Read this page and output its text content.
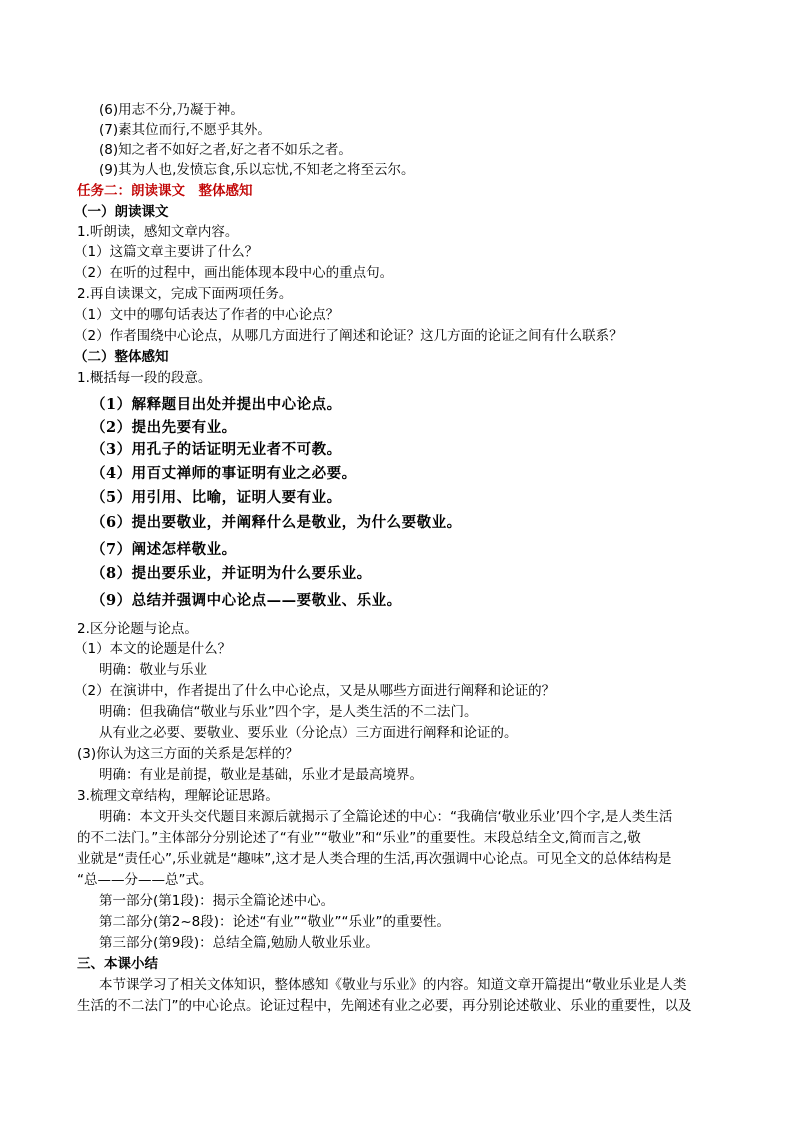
(6)用志不分,乃凝于神。
(7)素其位而行,不愿乎其外。
(8)知之者不如好之者,好之者不如乐之者。
(9)其为人也,发愤忘食,乐以忘忧,不知老之将至云尔。
任务二：朗读课文　整体感知
（一）朗读课文
1.听朗读，感知文章内容。
（1）这篇文章主要讲了什么？
（2）在听的过程中，画出能体现本段中心的重点句。
2.再自读课文，完成下面两项任务。
（1）文中的哪句话表达了作者的中心论点？
（2）作者围绕中心论点，从哪几方面进行了阐述和论证？这几方面的论证之间有什么联系？
（二）整体感知
1.概括每一段的段意。
（1）解释题目出处并提出中心论点。
（2）提出先要有业。
（3）用孔子的话证明无业者不可教。
（4）用百丈禅师的事证明有业之必要。
（5）用引用、比喻，证明人要有业。
（6）提出要敬业，并阐释什么是敬业，为什么要敬业。
（7）阐述怎样敬业。
（8）提出要乐业，并证明为什么要乐业。
（9）总结并强调中心论点——要敬业、乐业。
2.区分论题与论点。
（1）本文的论题是什么？
明确：敬业与乐业
（2）在演讲中，作者提出了什么中心论点，又是从哪些方面进行阐释和论证的？
明确：但我确信“敬业与乐业”四个字，是人类生活的不二法门。
从有业之必要、要敬业、要乐业（分论点）三方面进行阐释和论证的。
(3)你认为这三方面的关系是怎样的？
明确：有业是前提，敬业是基础，乐业才是最高境界。
3.梳理文章结构，理解论证思路。
明确：本文开头交代题目来源后就揭示了全篇论述的中心：“我确信‘敬业乐业’四个字,是人类生活
的不二法门。”主体部分分别论述了“有业”“敬业”和“乐业”的重要性。末段总结全文,简而言之,敬
业就是“责任心”,乐业就是“趣味”,这才是人类合理的生活,再次强调中心论点。可见全文的总体结构是
“总——分——总”式。
第一部分(第1段)：揭示全篇论述中心。
第二部分(第2~8段)：论述“有业”“敬业”“乐业”的重要性。
第三部分(第9段)：总结全篇,勉励人敬业乐业。
三、本课小结
本节课学习了相关文体知识，整体感知《敬业与乐业》的内容。知道文章开篇提出“敬业乐业是人类
生活的不二法门”的中心论点。论证过程中，先阐述有业之必要，再分别论述敬业、乐业的重要性，以及
